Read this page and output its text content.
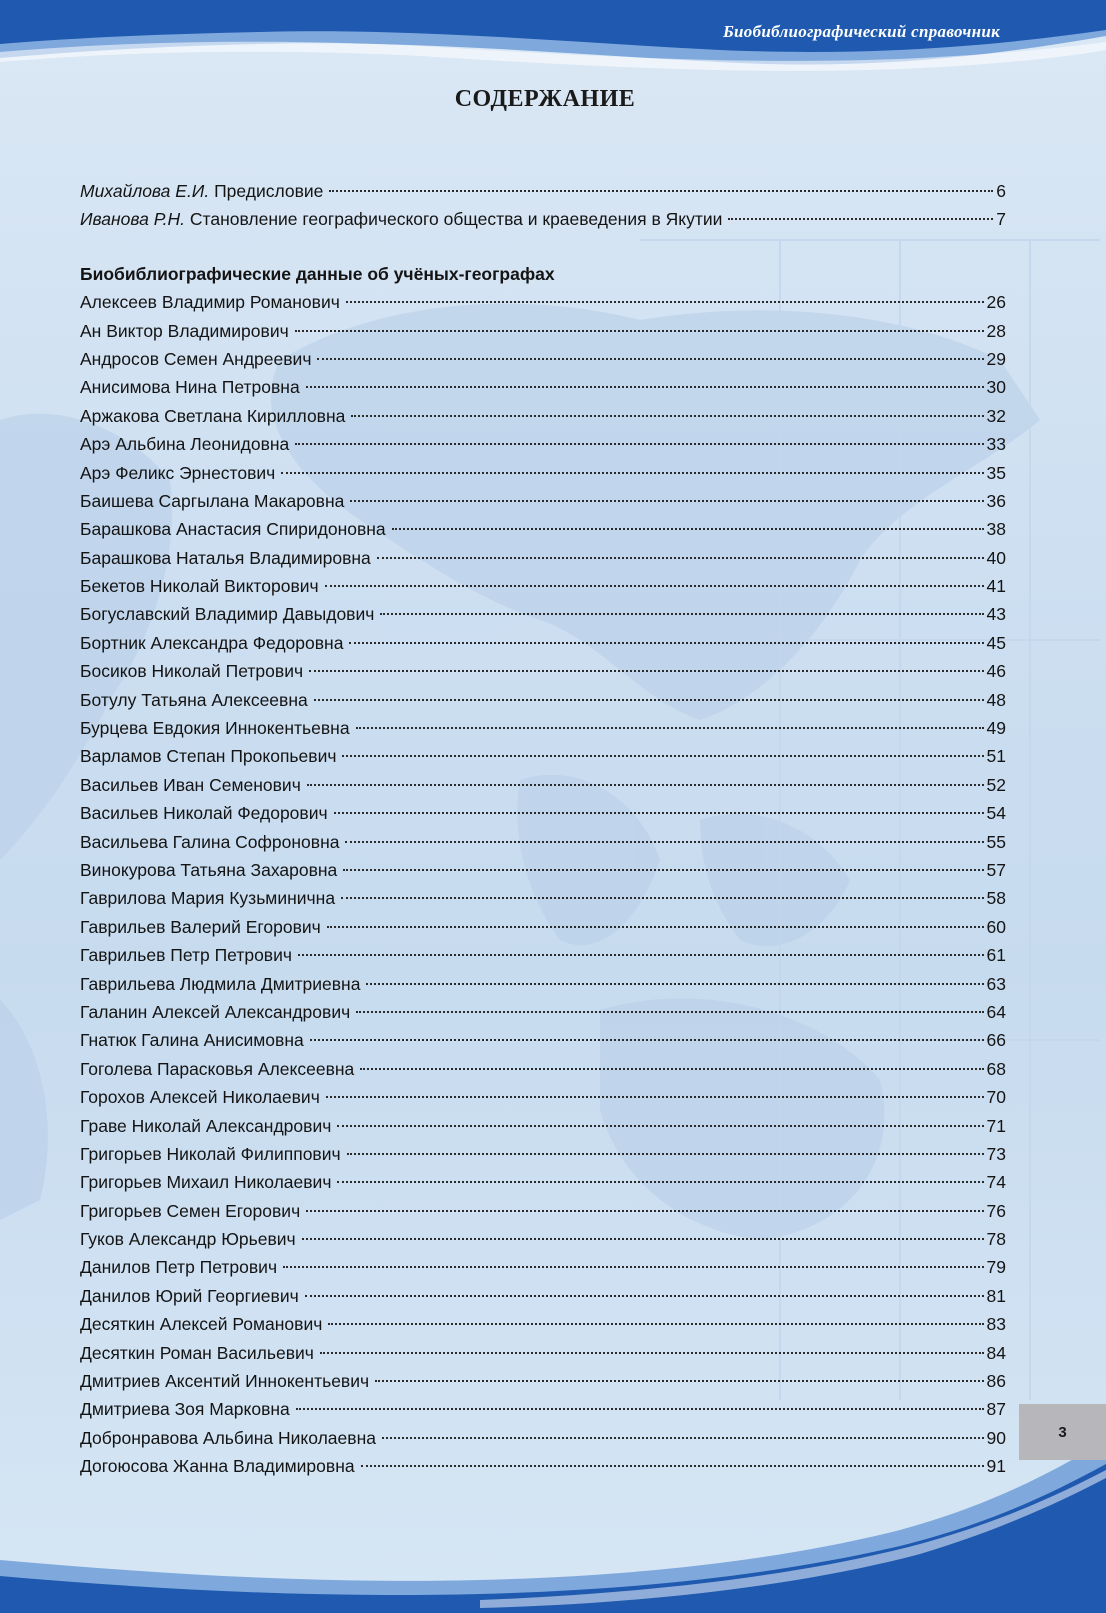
Биобиблиографический справочник
СОДЕРЖАНИЕ
Михайлова Е.И. Предисловие	6
Иванова Р.Н. Становление географического общества и краеведения в Якутии	7
Биобиблиографические данные об учёных-географах
Алексеев Владимир Романович	26
Ан Виктор Владимирович	28
Андросов Семен Андреевич	29
Анисимова Нина Петровна	30
Аржакова Светлана Кирилловна	32
Арэ Альбина Леонидовна	33
Арэ Феликс Эрнестович	35
Баишева Саргылана Макаровна	36
Барашкова Анастасия Спиридоновна	38
Барашкова Наталья Владимировна	40
Бекетов Николай Викторович	41
Богуславский Владимир Давыдович	43
Бортник Александра Федоровна	45
Босиков Николай Петрович	46
Ботулу Татьяна Алексеевна	48
Бурцева Евдокия Иннокентьевна	49
Варламов Степан Прокопьевич	51
Васильев Иван Семенович	52
Васильев Николай Федорович	54
Васильева Галина Софроновна	55
Винокурова Татьяна Захаровна	57
Гаврилова Мария Кузьминична	58
Гаврильев Валерий Егорович	60
Гаврильев Петр Петрович	61
Гаврильева Людмила Дмитриевна	63
Галанин Алексей Александрович	64
Гнатюк Галина Анисимовна	66
Гоголева Парасковья Алексеевна	68
Горохов Алексей Николаевич	70
Граве Николай Александрович	71
Григорьев Николай Филиппович	73
Григорьев Михаил Николаевич	74
Григорьев Семен Егорович	76
Гуков Александр Юрьевич	78
Данилов Петр Петрович	79
Данилов Юрий Георгиевич	81
Десяткин Алексей Романович	83
Десяткин Роман Васильевич	84
Дмитриев Аксентий Иннокентьевич	86
Дмитриева Зоя Марковна	87
Добронравова Альбина Николаевна	90
Догоюсова Жанна Владимировна	91
3
